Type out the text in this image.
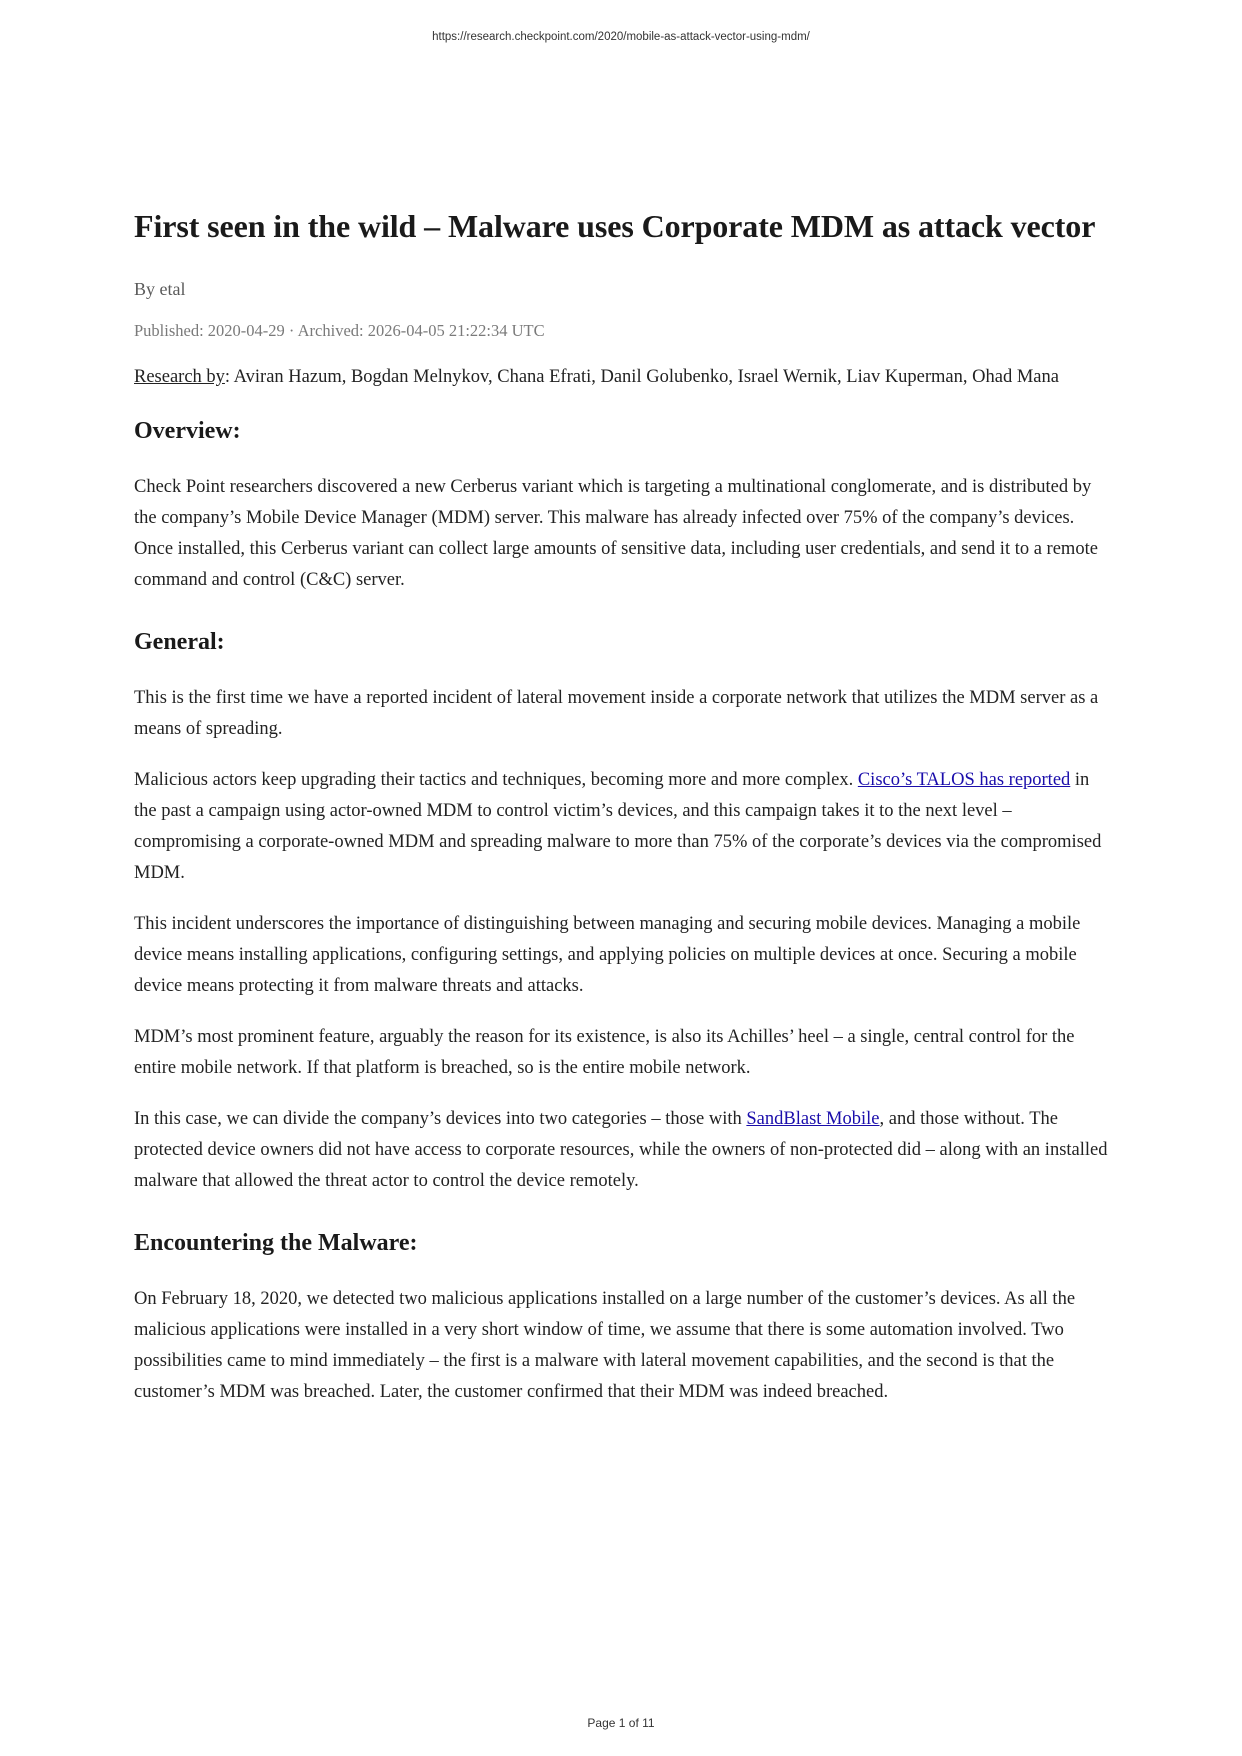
https://research.checkpoint.com/2020/mobile-as-attack-vector-using-mdm/
First seen in the wild – Malware uses Corporate MDM as attack vector
By etal
Published: 2020-04-29 · Archived: 2026-04-05 21:22:34 UTC
Research by: Aviran Hazum, Bogdan Melnykov, Chana Efrati, Danil Golubenko, Israel Wernik, Liav Kuperman, Ohad Mana
Overview:

Check Point researchers discovered a new Cerberus variant which is targeting a multinational conglomerate, and is distributed by the company’s Mobile Device Manager (MDM) server. This malware has already infected over 75% of the company’s devices. Once installed, this Cerberus variant can collect large amounts of sensitive data, including user credentials, and send it to a remote command and control (C&C) server.

General:

This is the first time we have a reported incident of lateral movement inside a corporate network that utilizes the MDM server as a means of spreading.

Malicious actors keep upgrading their tactics and techniques, becoming more and more complex. Cisco’s TALOS has reported in the past a campaign using actor-owned MDM to control victim’s devices, and this campaign takes it to the next level – compromising a corporate-owned MDM and spreading malware to more than 75% of the corporate’s devices via the compromised MDM.

This incident underscores the importance of distinguishing between managing and securing mobile devices. Managing a mobile device means installing applications, configuring settings, and applying policies on multiple devices at once. Securing a mobile device means protecting it from malware threats and attacks.

MDM’s most prominent feature, arguably the reason for its existence, is also its Achilles’ heel – a single, central control for the entire mobile network. If that platform is breached, so is the entire mobile network.

In this case, we can divide the company’s devices into two categories – those with SandBlast Mobile, and those without. The protected device owners did not have access to corporate resources, while the owners of non-protected did – along with an installed malware that allowed the threat actor to control the device remotely.

Encountering the Malware:

On February 18, 2020, we detected two malicious applications installed on a large number of the customer’s devices. As all the malicious applications were installed in a very short window of time, we assume that there is some automation involved. Two possibilities came to mind immediately – the first is a malware with lateral movement capabilities, and the second is that the customer’s MDM was breached. Later, the customer confirmed that their MDM was indeed breached.

Page 1 of 11
